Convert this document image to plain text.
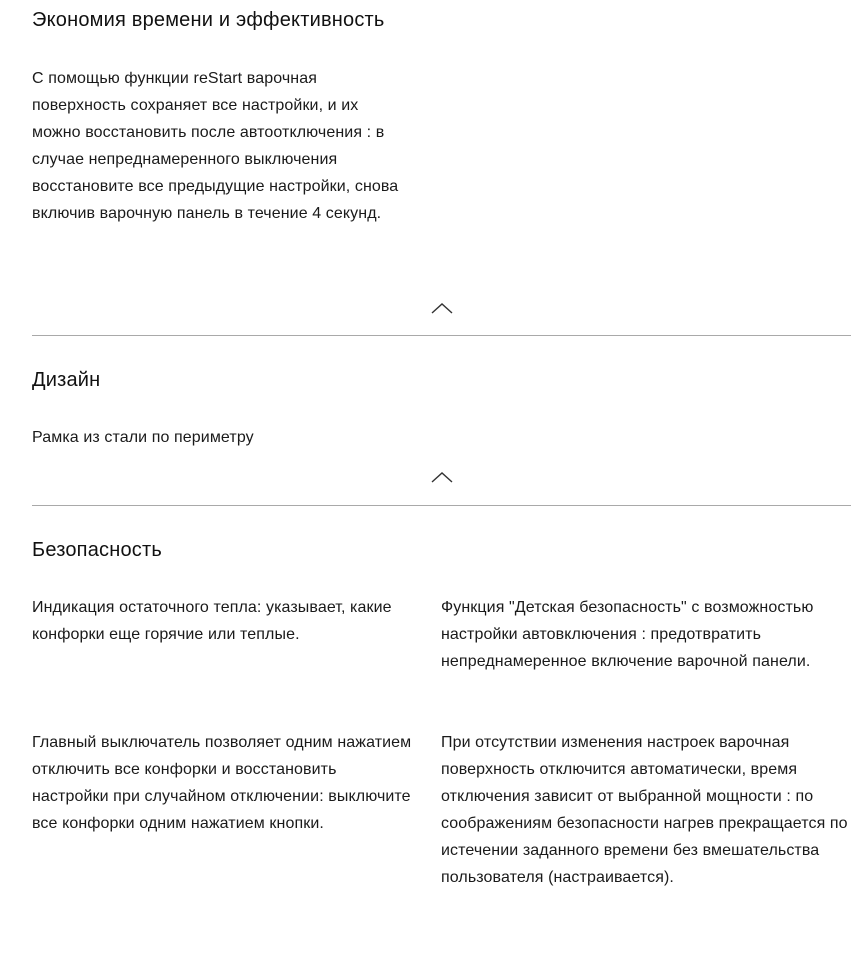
Экономия времени и эффективность

С помощью функции reStart варочная поверхность сохраняет все настройки, и их можно восстановить после автоотключения : в случае непреднамеренного выключения восстановите все предыдущие настройки, снова включив варочную панель в течение 4 секунд.

Дизайн

Рамка из стали по периметру

Безопасность

Индикация остаточного тепла: указывает, какие конфорки еще горячие или теплые.

Главный выключатель позволяет одним нажатием отключить все конфорки и восстановить настройки при случайном отключении: выключите все конфорки одним нажатием кнопки.

Функция "Детская безопасность" с возможностью настройки автовключения : предотвратить непреднамеренное включение варочной панели.

При отсутствии изменения настроек варочная поверхность отключится автоматически, время отключения зависит от выбранной мощности : по соображениям безопасности нагрев прекращается по истечении заданного времени без вмешательства пользователя (настраивается).
